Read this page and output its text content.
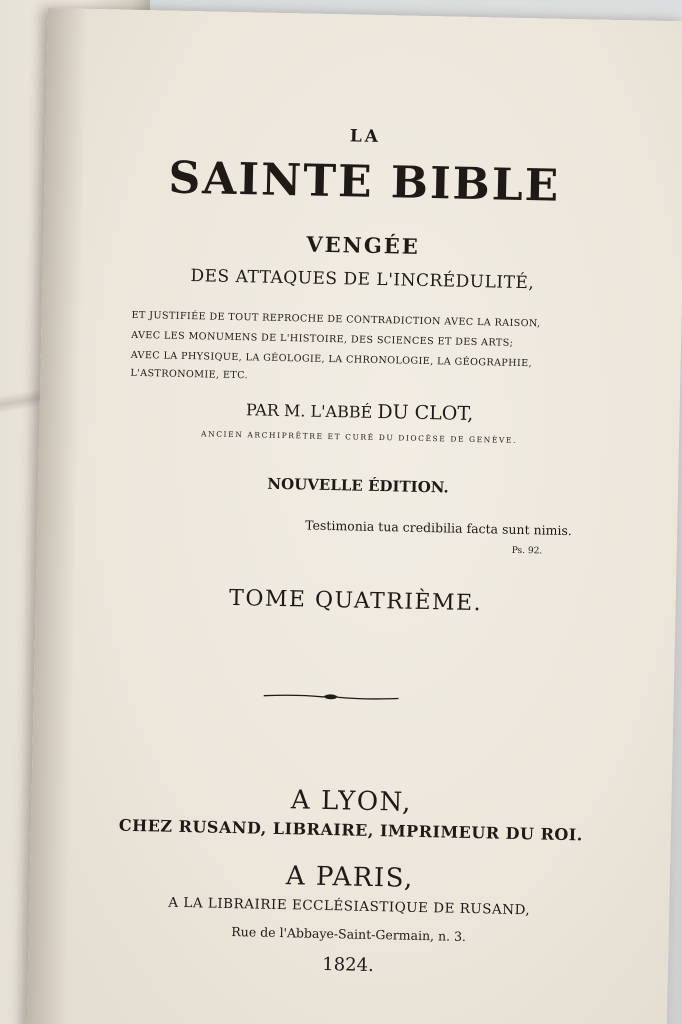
LA
SAINTE BIBLE
VENGÉE
DES ATTAQUES DE L'INCRÉDULITÉ,
ET JUSTIFIÉE DE TOUT REPROCHE DE CONTRADICTION AVEC LA RAISON,
AVEC LES MONUMENS DE L'HISTOIRE, DES SCIENCES ET DES ARTS;
AVEC LA PHYSIQUE, LA GÉOLOGIE, LA CHRONOLOGIE, LA GÉOGRAPHIE,
L'ASTRONOMIE, ETC.
PAR M. L'ABBÉ DU CLOT,
ANCIEN ARCHIPRÊTRE ET CURÉ DU DIOCÈSE DE GENÈVE.
NOUVELLE ÉDITION.
Testimonia tua credibilia facta sunt nimis.
Ps. 92.
TOME QUATRIÈME.
A LYON,
CHEZ RUSAND, LIBRAIRE, IMPRIMEUR DU ROI.
A PARIS,
A LA LIBRAIRIE ECCLÉSIASTIQUE DE RUSAND,
Rue de l'Abbaye-Saint-Germain, n. 3.
1824.
